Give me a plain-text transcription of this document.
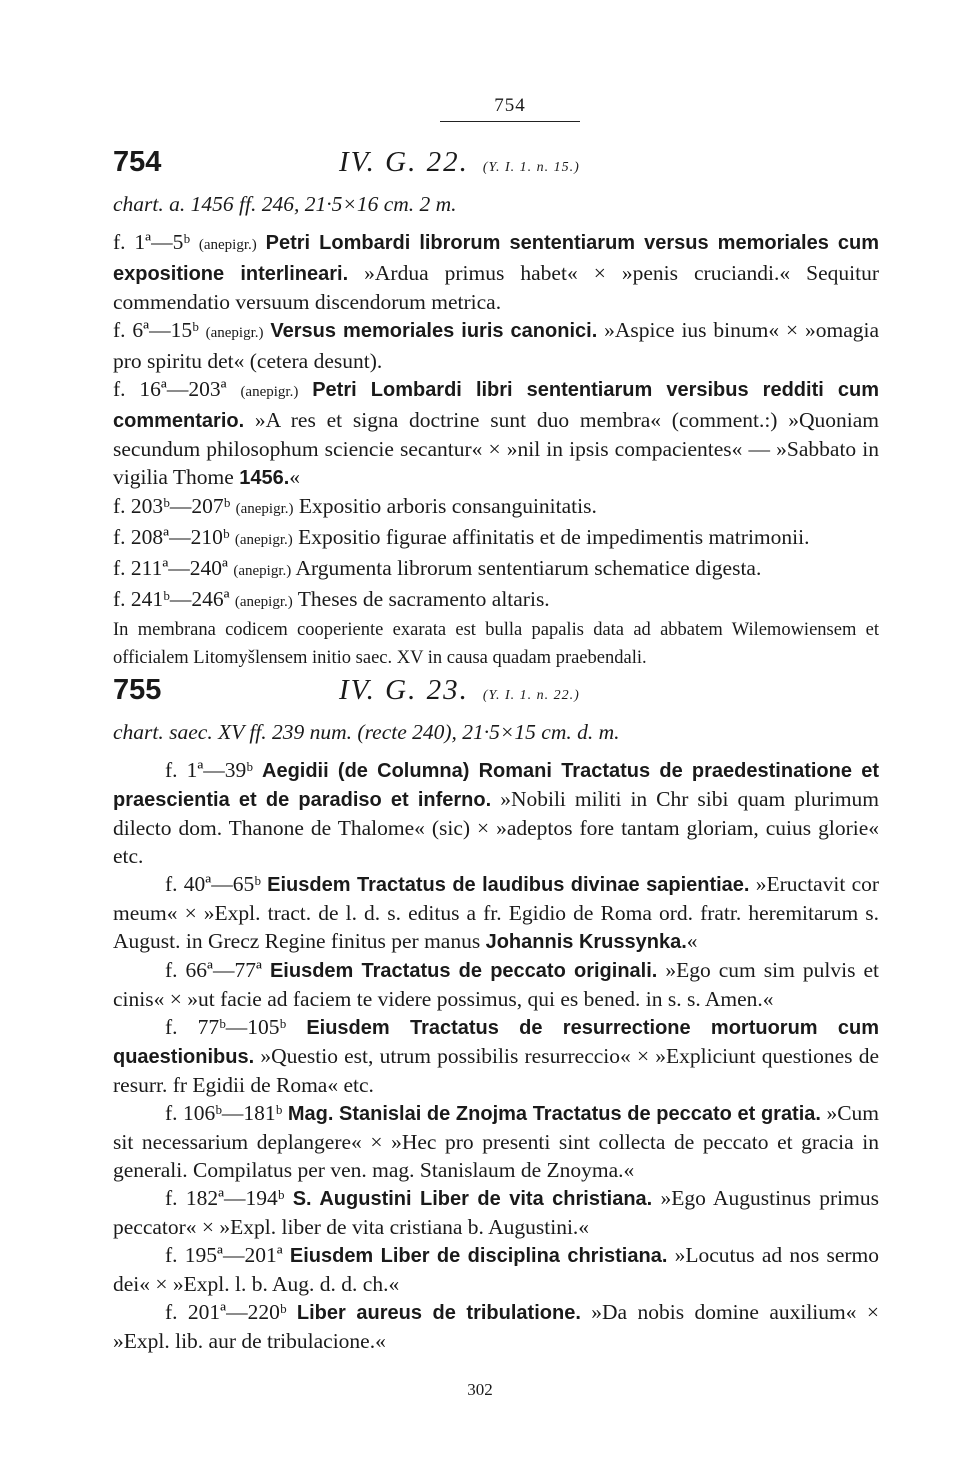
754
754	IV. G. 22. (Y. I. 1. n. 15.)
chart. a. 1456 ff. 246, 21·5×16 cm. 2 m.

f. 1ª—5ᵇ (anepigr.) Petri Lombardi librorum sententiarum versus memoriales cum expositione interlineari. »Ardua primus habet« × »penis cruciandi.« Sequitur commendatio versuum discendorum metrica.

f. 6ª—15ᵇ (anepigr.) Versus memoriales iuris canonici. »Aspice ius binum« × »omagia pro spiritu det« (cetera desunt).

f. 16ª—203ª (anepigr.) Petri Lombardi libri sententiarum versibus redditi cum commentario. »A res et signa doctrine sunt duo membra« (comment.:) »Quoniam secundum philosophum sciencie secantur« × »nil in ipsis compacientes« — »Sabbato in vigilia Thome 1456.«

f. 203ᵇ—207ᵇ (anepigr.) Expositio arboris consanguinitatis.

f. 208ª—210ᵇ (anepigr.) Expositio figurae affinitatis et de impedimentis matrimonii.

f. 211ª—240ª (anepigr.) Argumenta librorum sententiarum schematice digesta.

f. 241ᵇ—246ª (anepigr.) Theses de sacramento altaris.

In membrana codicem cooperiente exarata est bulla papalis data ad abbatem Wilemowiensem et officialem Litomyšlensem initio saec. XV in causa quadam praebendali.

755	IV. G. 23. (Y. I. 1. n. 22.)
chart. saec. XV ff. 239 num. (recte 240), 21·5×15 cm. d. m.

f. 1ª—39ᵇ Aegidii (de Columna) Romani Tractatus de praedestinatione et praescientia et de paradiso et inferno. »Nobili militi in Chr sibi quam plurimum dilecto dom. Thanone de Thalome« (sic) × »adeptos fore tantam gloriam, cuius glorie« etc.

f. 40ª—65ᵇ Eiusdem Tractatus de laudibus divinae sapientiae. »Eructavit cor meum« × »Expl. tract. de l. d. s. editus a fr. Egidio de Roma ord. fratr. heremitarum s. August. in Grecz Regine finitus per manus Johannis Krussynka.«

f. 66ª—77ª Eiusdem Tractatus de peccato originali. »Ego cum sim pulvis et cinis« × »ut facie ad faciem te videre possimus, qui es bened. in s. s. Amen.«

f. 77ᵇ—105ᵇ Eiusdem Tractatus de resurrectione mortuorum cum quaestionibus. »Questio est, utrum possibilis resurreccio« × »Expliciunt questiones de resurr. fr Egidii de Roma« etc.

f. 106ᵇ—181ᵇ Mag. Stanislai de Znojma Tractatus de peccato et gratia. »Cum sit necessarium deplangere« × »Hec pro presenti sint collecta de peccato et gracia in generali. Compilatus per ven. mag. Stanislaum de Znoyma.«

f. 182ª—194ᵇ S. Augustini Liber de vita christiana. »Ego Augustinus primus peccator« × »Expl. liber de vita cristiana b. Augustini.«

f. 195ª—201ª Eiusdem Liber de disciplina christiana. »Locutus ad nos sermo dei« × »Expl. l. b. Aug. d. d. ch.«

f. 201ª—220ᵇ Liber aureus de tribulatione. »Da nobis domine auxilium« × »Expl. lib. aur de tribulacione.«

302
